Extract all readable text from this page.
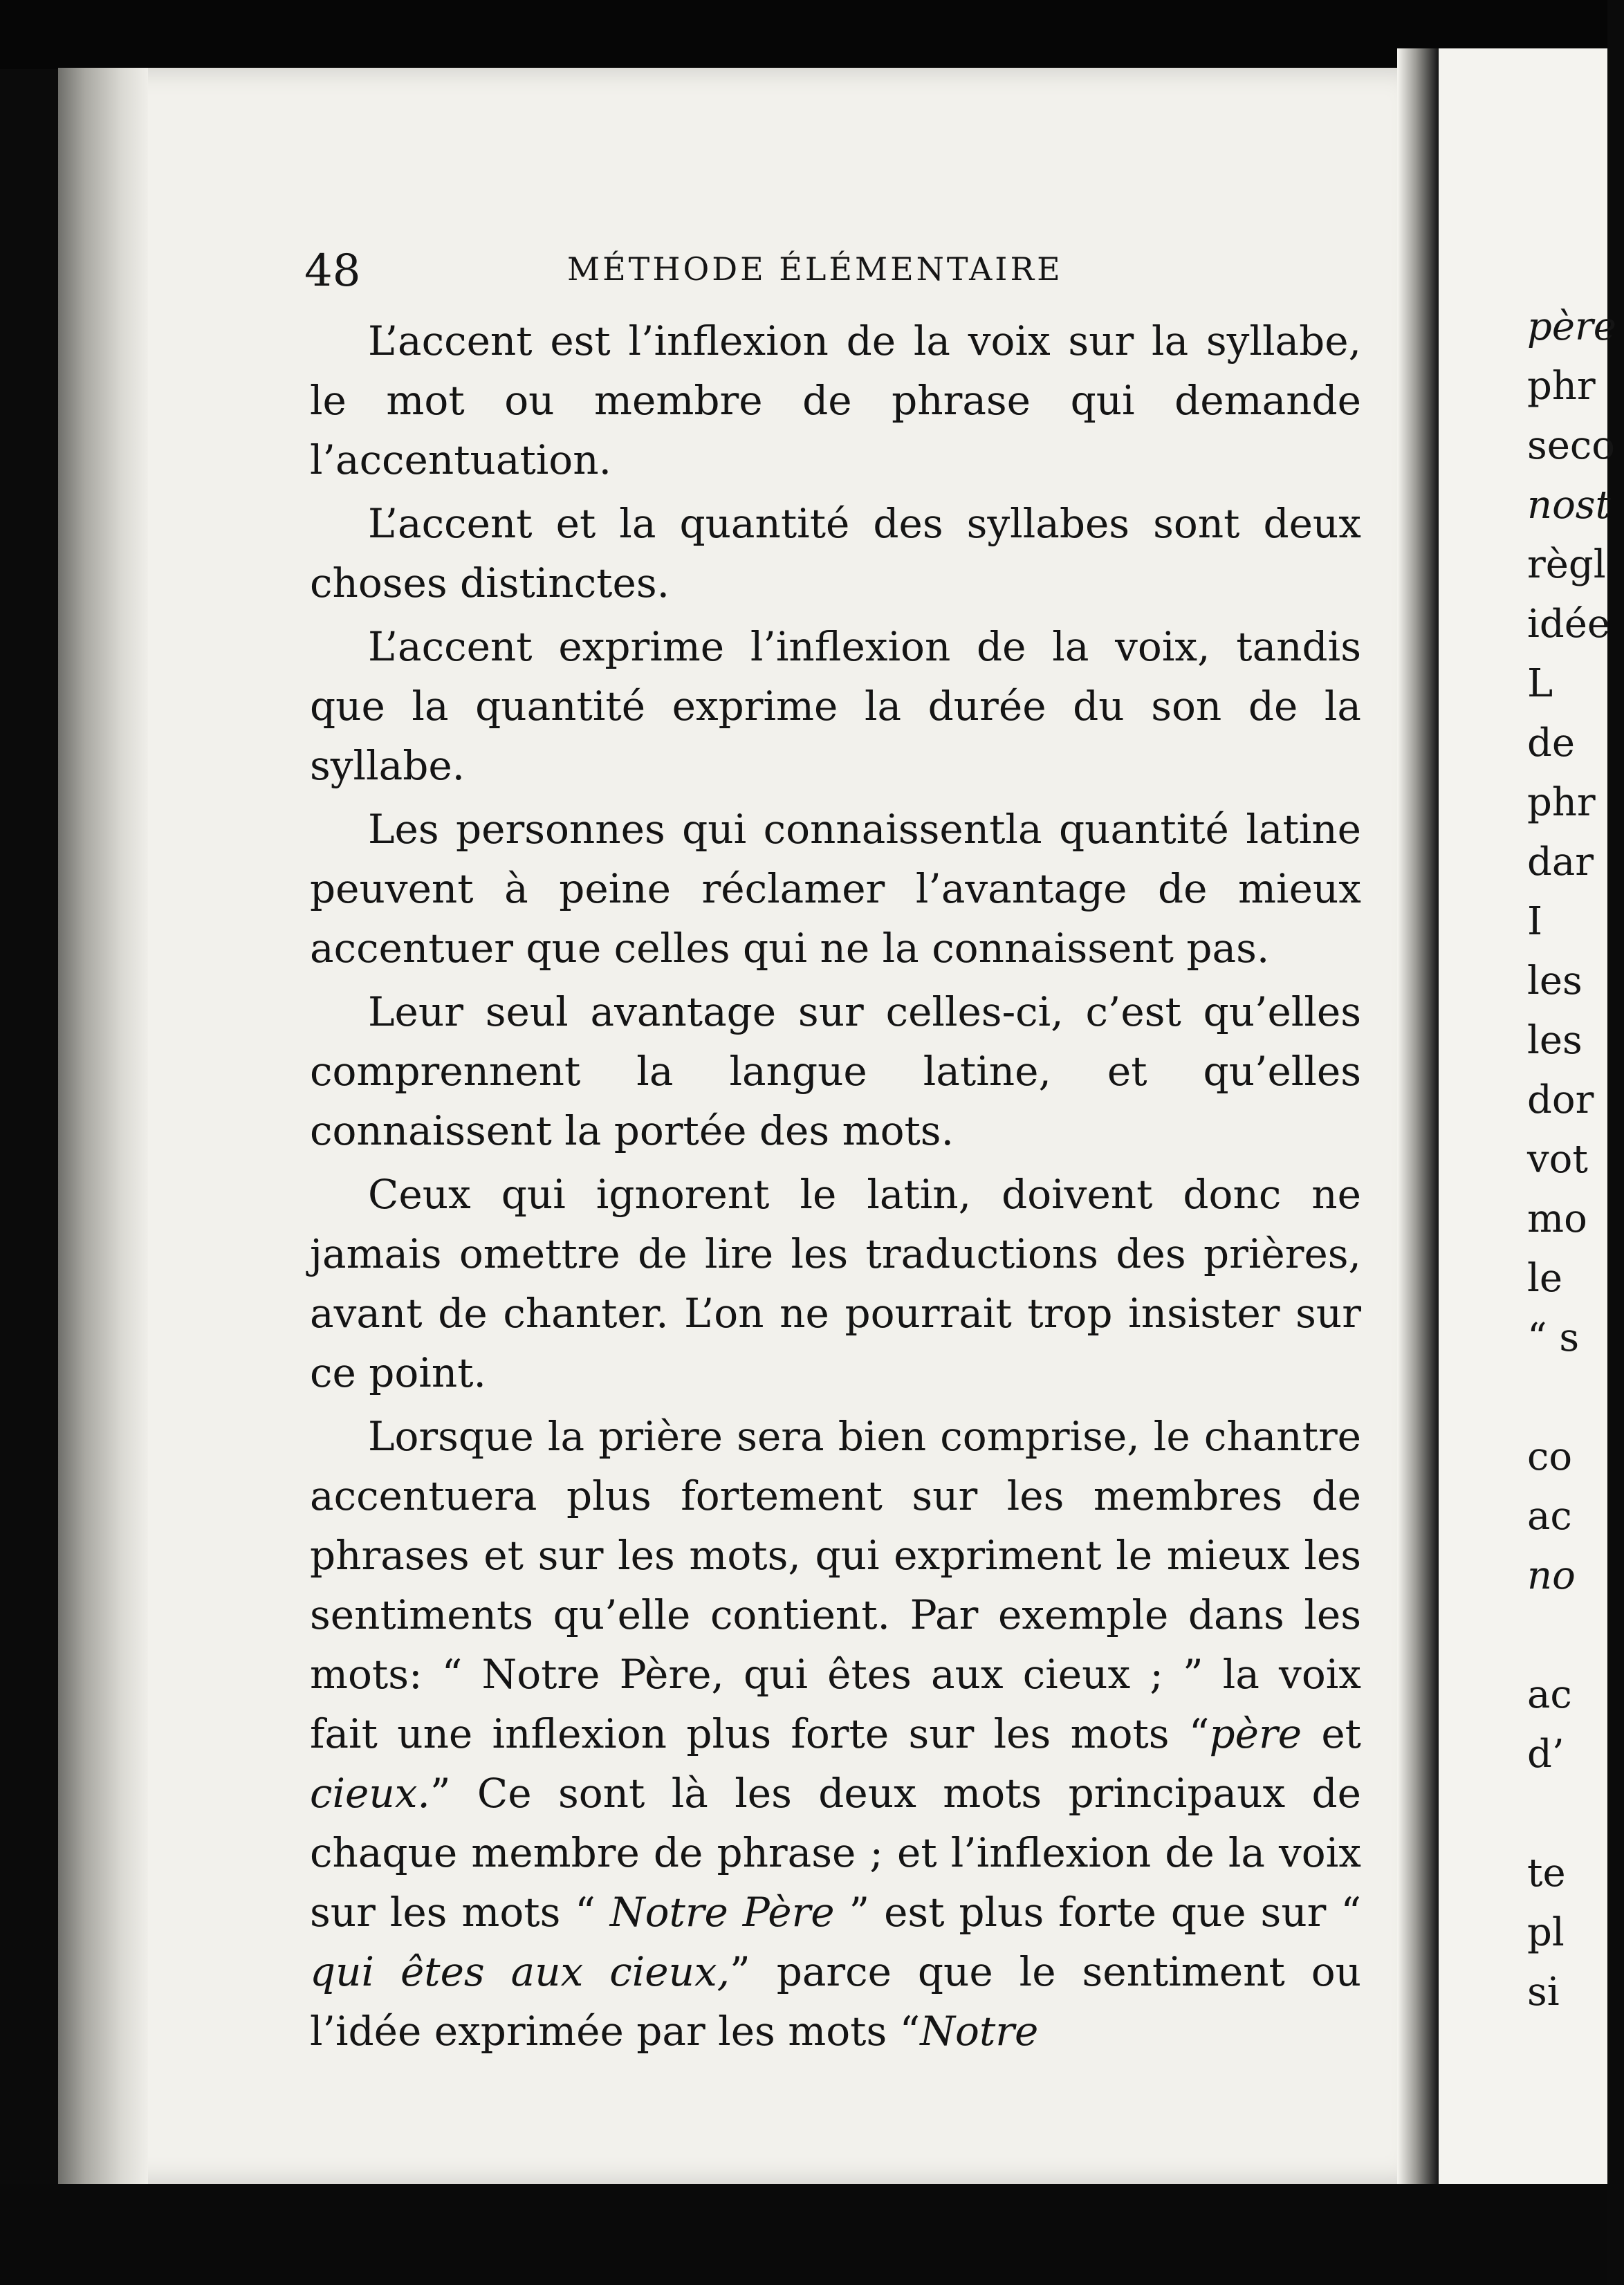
48	MÉTHODE ÉLÉMENTAIRE

L’accent est l’inflexion de la voix sur la syllabe, le mot ou membre de phrase qui demande l’accentuation.

L’accent et la quantité des syllabes sont deux choses distinctes.

L’accent exprime l’inflexion de la voix, tandis que la quantité exprime la durée du son de la syllabe.

Les personnes qui connaissentla quantité latine peuvent à peine réclamer l’avantage de mieux accentuer que celles qui ne la connaissent pas.

Leur seul avantage sur celles-ci, c’est qu’elles comprennent la langue latine, et qu’elles connaissent la portée des mots.

Ceux qui ignorent le latin, doivent donc ne jamais omettre de lire les traductions des prières, avant de chanter. L’on ne pourrait trop insister sur ce point.

Lorsque la prière sera bien comprise, le chantre accentuera plus fortement sur les membres de phrases et sur les mots, qui expriment le mieux les sentiments qu’elle contient. Par exemple dans les mots: “ Notre Père, qui êtes aux cieux ; ” la voix fait une inflexion plus forte sur les mots “père et cieux.” Ce sont là les deux mots principaux de chaque membre de phrase ; et l’inflexion de la voix sur les mots “ Notre Père ” est plus forte que sur “ qui êtes aux cieux,” parce que le sentiment ou l’idée exprimée par les mots “Notre

père
phr
seco
nost
règl
idée
L
de
phr
dar
I
les
les
dor
vot
mo
le
“ s
co
ac
no
ac
d’
te
pl
si
